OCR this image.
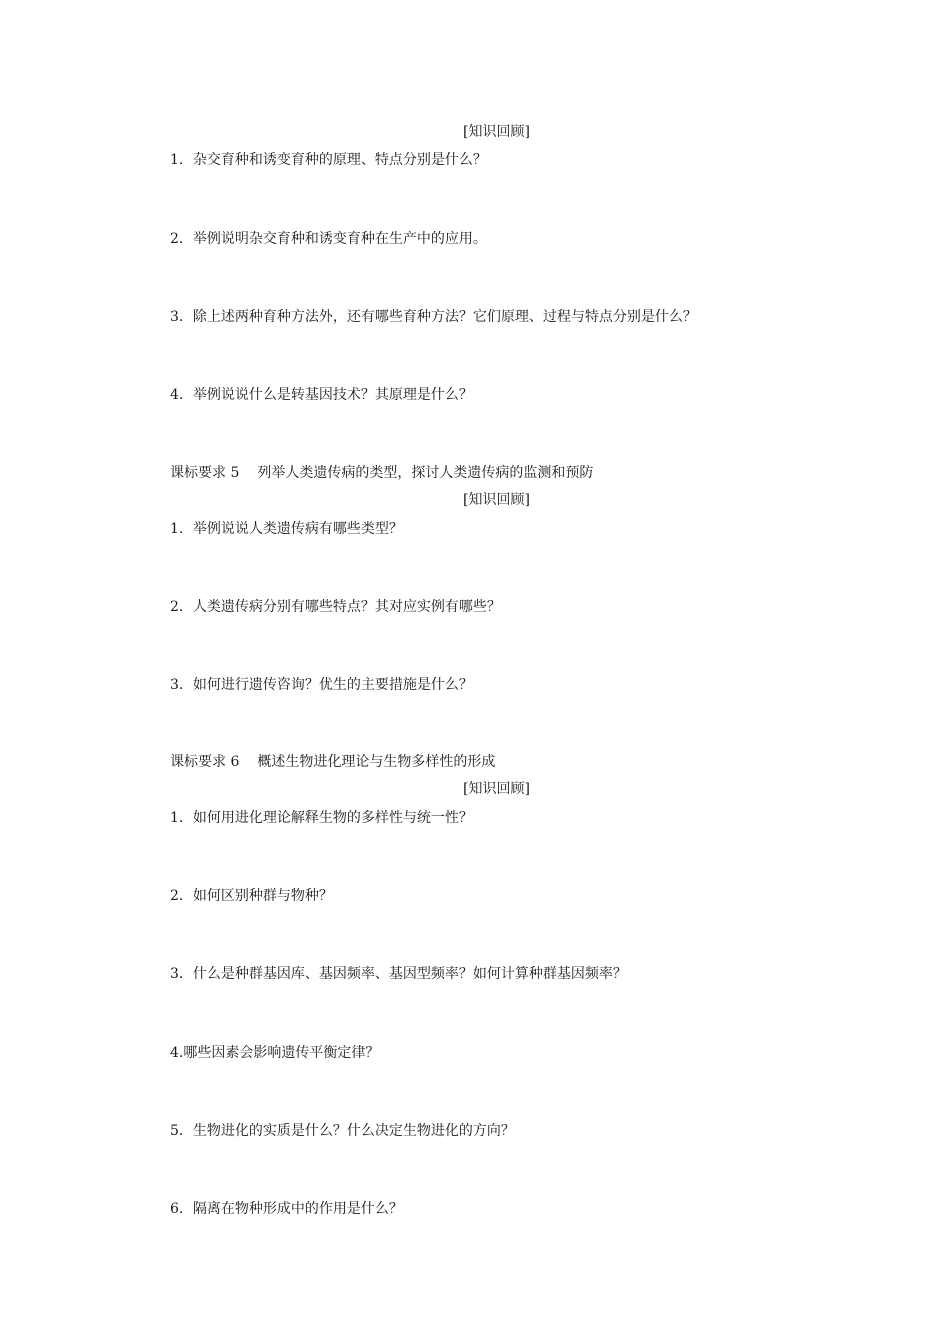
[知识回顾]
1．杂交育种和诱变育种的原理、特点分别是什么？
2．举例说明杂交育种和诱变育种在生产中的应用。
3．除上述两种育种方法外，还有哪些育种方法？它们原理、过程与特点分别是什么？
4．举例说说什么是转基因技术？其原理是什么？
课标要求 5 列举人类遗传病的类型，探讨人类遗传病的监测和预防
[知识回顾]
1．举例说说人类遗传病有哪些类型？
2．人类遗传病分别有哪些特点？其对应实例有哪些？
3．如何进行遗传咨询？优生的主要措施是什么？
课标要求 6 概述生物进化理论与生物多样性的形成
[知识回顾]
1．如何用进化理论解释生物的多样性与统一性？
2．如何区别种群与物种？
3．什么是种群基因库、基因频率、基因型频率？如何计算种群基因频率？
4.哪些因素会影响遗传平衡定律？
5．生物进化的实质是什么？什么决定生物进化的方向？
6．隔离在物种形成中的作用是什么？
